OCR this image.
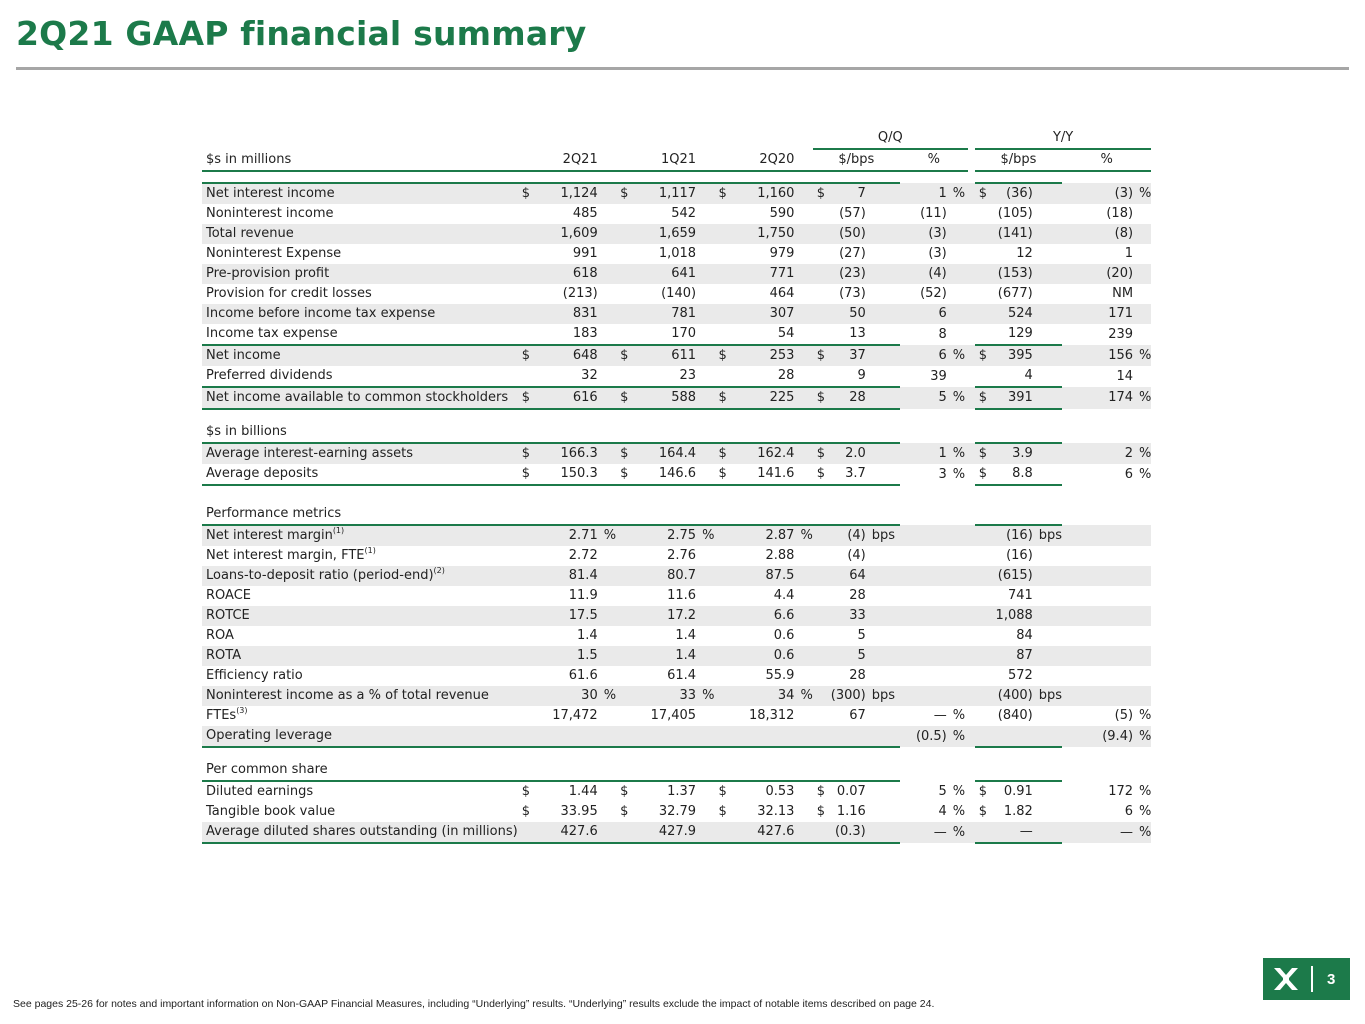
2Q21 GAAP financial summary
										Q/Q						Y/Y				
$s in millions	2Q21			1Q21			2Q20			$/bps			%			$/bps			%	

Net interest income	$	1,124		$	1,117		$	1,160		$	7		1	%		$	(36)		(3)	%
Noninterest income		485			542			590			(57)		(11)				(105)		(18)	
Total revenue		1,609			1,659			1,750			(50)		(3)				(141)		(8)	
Noninterest Expense		991			1,018			979			(27)		(3)				12		1	
Pre-provision profit		618			641			771			(23)		(4)				(153)		(20)	
Provision for credit losses		(213)			(140)			464			(73)		(52)				(677)		NM	
Income before income tax expense		831			781			307			50		6				524		171	
Income tax expense		183			170			54			13		8				129		239	
Net income	$	648		$	611		$	253		$	37		6	%		$	395		156	%
Preferred dividends		32			23			28			9		39				4		14	
Net income available to common stockholders	$	616		$	588		$	225		$	28		5	%		$	391		174	%

$s in billions																				
Average interest-earning assets	$	166.3		$	164.4		$	162.4		$	2.0		1	%		$	3.9		2	%
Average deposits	$	150.3		$	146.6		$	141.6		$	3.7		3	%		$	8.8		6	%

Performance metrics																				
Net interest margin$^{(1)}$		2.71	%		2.75	%		2.87	%		(4)	bps					(16)	bps		
Net interest margin, FTE$^{(1)}$		2.72			2.76			2.88			(4)						(16)			
Loans-to-deposit ratio (period-end)$^{(2)}$		81.4			80.7			87.5			64						(615)			
ROACE		11.9			11.6			4.4			28						741			
ROTCE		17.5			17.2			6.6			33						1,088			
ROA		1.4			1.4			0.6			5						84			
ROTA		1.5			1.4			0.6			5						87			
Efficiency ratio		61.6			61.4			55.9			28						572			
Noninterest income as a % of total revenue		30	%		33	%		34	%		(300)	bps					(400)	bps		
FTEs$^{(3)}$		17,472			17,405			18,312			67		—	%			(840)		(5)	%
Operating leverage													(0.5)	%					(9.4)	%

Per common share																				
Diluted earnings	$	1.44		$	1.37		$	0.53		$	0.07		5	%		$	0.91		172	%
Tangible book value	$	33.95		$	32.79		$	32.13		$	1.16		4	%		$	1.82		6	%
Average diluted shares outstanding (in millions)		427.6			427.9			427.6			(0.3)		—	%			—		—	%
See pages 25-26 for notes and important information on Non-GAAP Financial Measures, including “Underlying” results. “Underlying” results exclude the impact of notable items described on page 24.
3
